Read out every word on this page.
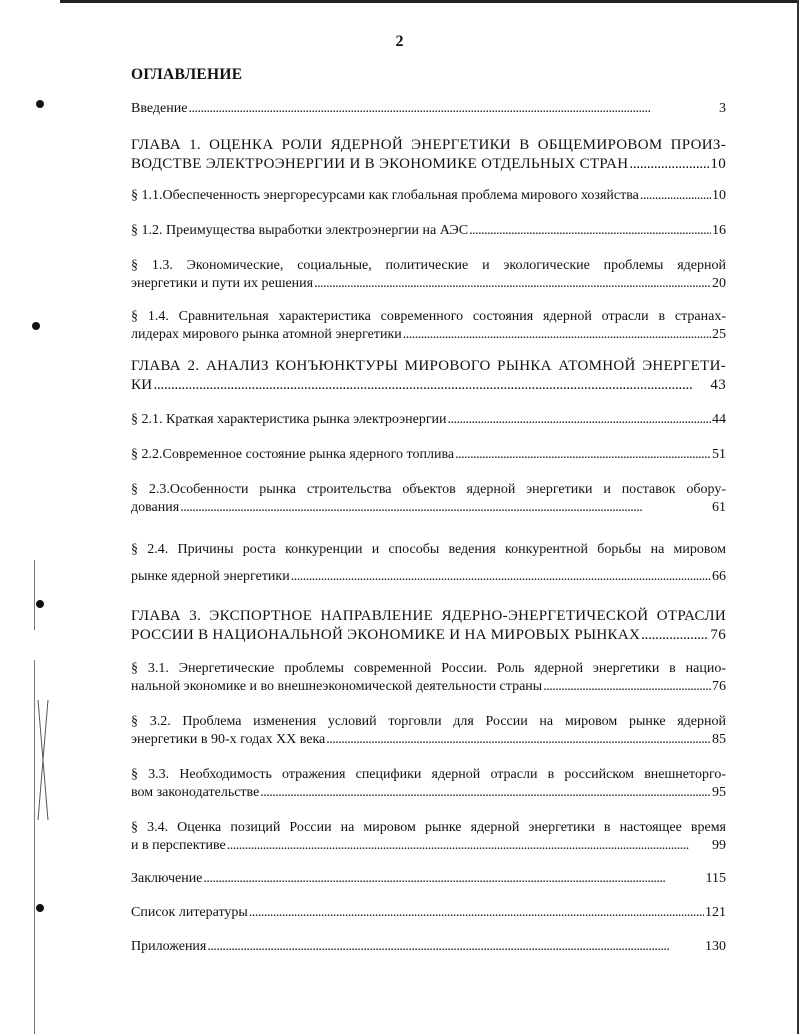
2
ОГЛАВЛЕНИЕ
Введение . . .	3
ГЛАВА 1. ОЦЕНКА РОЛИ ЯДЕРНОЙ ЭНЕРГЕТИКИ В ОБЩЕМИРОВОМ ПРОИЗ-
ВОДСТВЕ ЭЛЕКТРОЭНЕРГИИ И В ЭКОНОМИКЕ ОТДЕЛЬНЫХ СТРАН . . .	10
§ 1.1.Обеспеченность энергоресурсами как глобальная проблема мирового хозяйства . . .	10
§ 1.2. Преимущества выработки электроэнергии на АЭС . . .	16
§ 1.3. Экономические, социальные, политические и экологические проблемы ядерной
энергетики и пути их решения . . .	20
§ 1.4. Сравнительная характеристика современного состояния ядерной отрасли в странах-
лидерах мирового рынка атомной энергетики . . .	25
ГЛАВА 2. АНАЛИЗ КОНЪЮНКТУРЫ МИРОВОГО РЫНКА АТОМНОЙ ЭНЕРГЕТИ-
КИ . . .	43
§ 2.1. Краткая характеристика рынка электроэнергии . . .	44
§ 2.2.Современное состояние рынка ядерного топлива . . .	51
§ 2.3.Особенности рынка строительства объектов ядерной энергетики и поставок обору-
дования . . .	61
§ 2.4. Причины роста конкуренции и способы ведения конкурентной борьбы на мировом
рынке ядерной энергетики . . .	66
ГЛАВА 3. ЭКСПОРТНОЕ НАПРАВЛЕНИЕ ЯДЕРНО-ЭНЕРГЕТИЧЕСКОЙ ОТРАСЛИ
РОССИИ В НАЦИОНАЛЬНОЙ ЭКОНОМИКЕ И НА МИРОВЫХ РЫНКАХ . . .	76
§ 3.1. Энергетические проблемы современной России. Роль ядерной энергетики в нацио-
нальной экономике и во внешнеэкономической деятельности страны . . .	76
§ 3.2. Проблема изменения условий торговли для России на мировом рынке ядерной
энергетики в 90-х годах XX века . . .	85
§ 3.3. Необходимость отражения специфики ядерной отрасли в российском внешнеторго-
вом законодательстве . . .	95
§ 3.4. Оценка позиций России на мировом рынке ядерной энергетики в настоящее время
и в перспективе . . .	99
Заключение . . .	115
Список литературы . . .	121
Приложения . . .	130
